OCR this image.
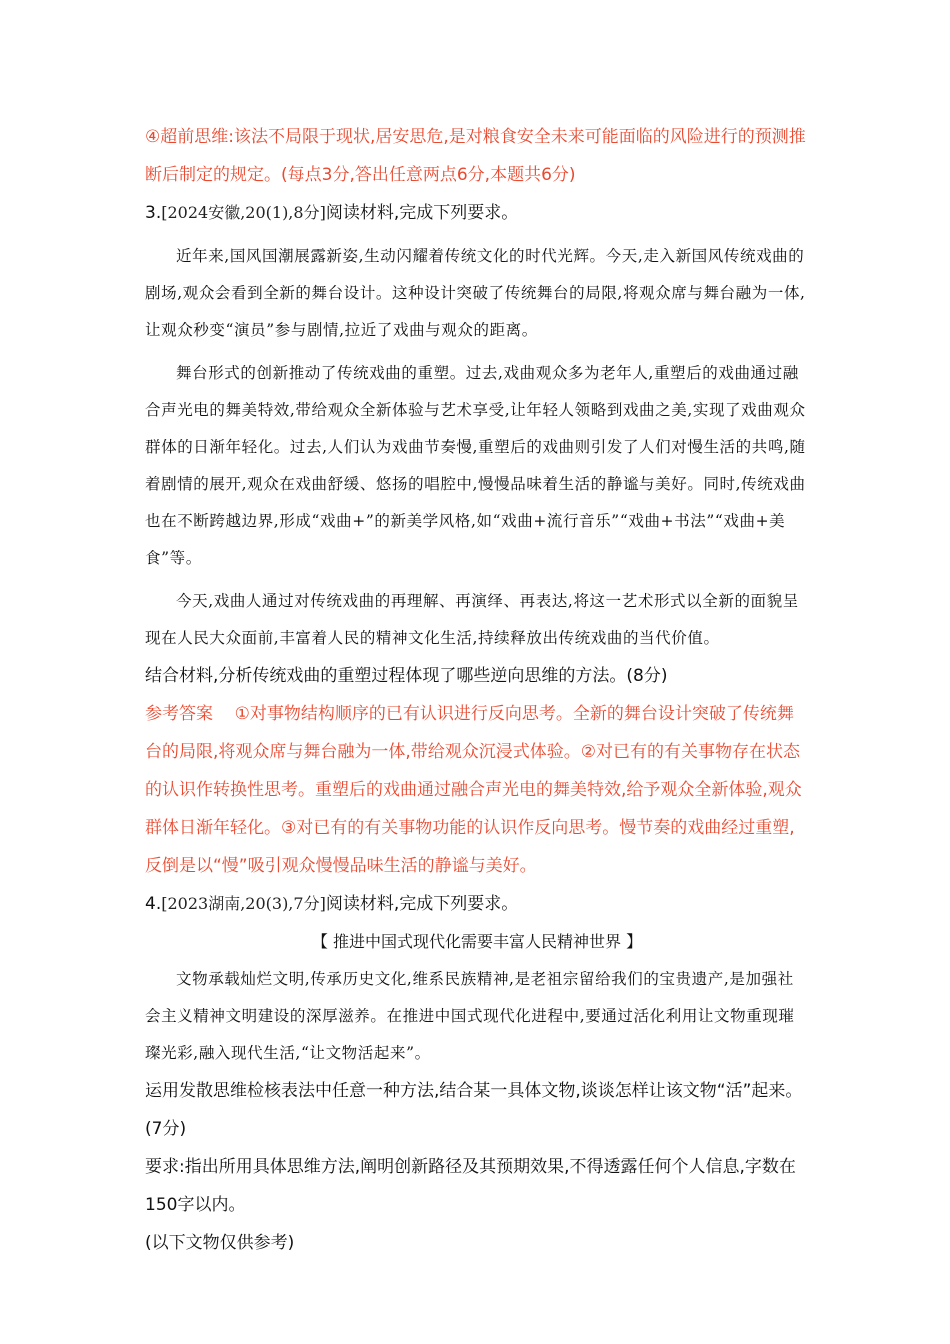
④超前思维:该法不局限于现状,居安思危,是对粮食安全未来可能面临的风险进行的预测推断后制定的规定。(每点3分,答出任意两点6分,本题共6分)

3.[2024安徽,20(1),8分]阅读材料,完成下列要求。

近年来,国风国潮展露新姿,生动闪耀着传统文化的时代光辉。今天,走入新国风传统戏曲的剧场,观众会看到全新的舞台设计。这种设计突破了传统舞台的局限,将观众席与舞台融为一体,让观众秒变“演员”参与剧情,拉近了戏曲与观众的距离。

舞台形式的创新推动了传统戏曲的重塑。过去,戏曲观众多为老年人,重塑后的戏曲通过融合声光电的舞美特效,带给观众全新体验与艺术享受,让年轻人领略到戏曲之美,实现了戏曲观众群体的日渐年轻化。过去,人们认为戏曲节奏慢,重塑后的戏曲则引发了人们对慢生活的共鸣,随着剧情的展开,观众在戏曲舒缓、悠扬的唱腔中,慢慢品味着生活的静谧与美好。同时,传统戏曲也在不断跨越边界,形成“戏曲+”的新美学风格,如“戏曲+流行音乐”“戏曲+书法”“戏曲+美食”等。

今天,戏曲人通过对传统戏曲的再理解、再演绎、再表达,将这一艺术形式以全新的面貌呈现在人民大众面前,丰富着人民的精神文化生活,持续释放出传统戏曲的当代价值。

结合材料,分析传统戏曲的重塑过程体现了哪些逆向思维的方法。(8分)

参考答案 ①对事物结构顺序的已有认识进行反向思考。全新的舞台设计突破了传统舞台的局限,将观众席与舞台融为一体,带给观众沉浸式体验。②对已有的有关事物存在状态的认识作转换性思考。重塑后的戏曲通过融合声光电的舞美特效,给予观众全新体验,观众群体日渐年轻化。③对已有的有关事物功能的认识作反向思考。慢节奏的戏曲经过重塑,反倒是以“慢”吸引观众慢慢品味生活的静谧与美好。

4.[2023湖南,20(3),7分]阅读材料,完成下列要求。

【 推进中国式现代化需要丰富人民精神世界 】

文物承载灿烂文明,传承历史文化,维系民族精神,是老祖宗留给我们的宝贵遗产,是加强社会主义精神文明建设的深厚滋养。在推进中国式现代化进程中,要通过活化利用让文物重现璀璨光彩,融入现代生活,“让文物活起来”。

运用发散思维检核表法中任意一种方法,结合某一具体文物,谈谈怎样让该文物“活”起来。(7分)

要求:指出所用具体思维方法,阐明创新路径及其预期效果,不得透露任何个人信息,字数在150字以内。

(以下文物仅供参考)
